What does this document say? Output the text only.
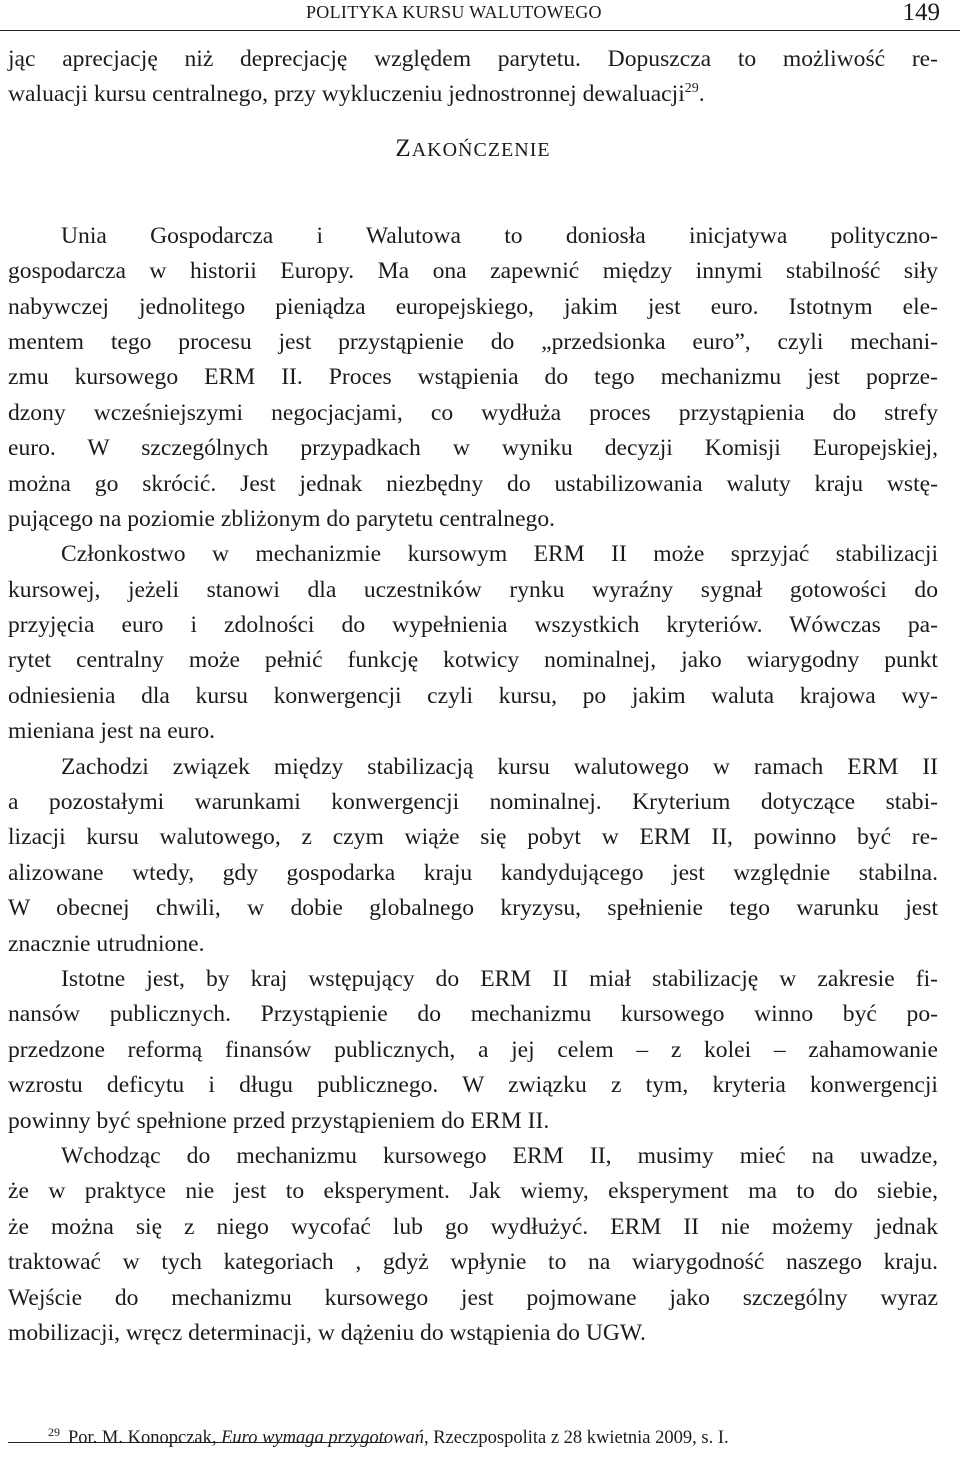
POLITYKA KURSU WALUTOWEGO	149
jąc aprecjację niż deprecjację względem parytetu. Dopuszcza to możliwość re-
waluacji kursu centralnego, przy wykluczeniu jednostronnej dewaluacji$^{29}$.
ZAKOŃCZENIE
Unia Gospodarcza i Walutowa to doniosła inicjatywa polityczno-
gospodarcza w historii Europy. Ma ona zapewnić między innymi stabilność siły
nabywczej jednolitego pieniądza europejskiego, jakim jest euro. Istotnym ele-
mentem tego procesu jest przystąpienie do „przedsionka euro”, czyli mechani-
zmu kursowego ERM II. Proces wstąpienia do tego mechanizmu jest poprze-
dzony wcześniejszymi negocjacjami, co wydłuża proces przystąpienia do strefy
euro. W szczególnych przypadkach w wyniku decyzji Komisji Europejskiej,
można go skrócić. Jest jednak niezbędny do ustabilizowania waluty kraju wstę-
pującego na poziomie zbliżonym do parytetu centralnego.
Członkostwo w mechanizmie kursowym ERM II może sprzyjać stabilizacji
kursowej, jeżeli stanowi dla uczestników rynku wyraźny sygnał gotowości do
przyjęcia euro i zdolności do wypełnienia wszystkich kryteriów. Wówczas pa-
rytet centralny może pełnić funkcję kotwicy nominalnej, jako wiarygodny punkt
odniesienia dla kursu konwergencji czyli kursu, po jakim waluta krajowa wy-
mieniana jest na euro.
Zachodzi związek między stabilizacją kursu walutowego w ramach ERM II
a pozostałymi warunkami konwergencji nominalnej. Kryterium dotyczące stabi-
lizacji kursu walutowego, z czym wiąże się pobyt w ERM II, powinno być re-
alizowane wtedy, gdy gospodarka kraju kandydującego jest względnie stabilna.
W obecnej chwili, w dobie globalnego kryzysu, spełnienie tego warunku jest
znacznie utrudnione.
Istotne jest, by kraj wstępujący do ERM II miał stabilizację w zakresie fi-
nansów publicznych. Przystąpienie do mechanizmu kursowego winno być po-
przedzone reformą finansów publicznych, a jej celem – z kolei – zahamowanie
wzrostu deficytu i długu publicznego. W związku z tym, kryteria konwergencji
powinny być spełnione przed przystąpieniem do ERM II.
Wchodząc do mechanizmu kursowego ERM II, musimy mieć na uwadze,
że w praktyce nie jest to eksperyment. Jak wiemy, eksperyment ma to do siebie,
że można się z niego wycofać lub go wydłużyć. ERM II nie możemy jednak
traktować w tych kategoriach , gdyż wpłynie to na wiarygodność naszego kraju.
Wejście do mechanizmu kursowego jest pojmowane jako szczególny wyraz
mobilizacji, wręcz determinacji, w dążeniu do wstąpienia do UGW.
$^{29}$ Por. M. Konopczak, Euro wymaga przygotowań, Rzeczpospolita z 28 kwietnia 2009, s. I.
